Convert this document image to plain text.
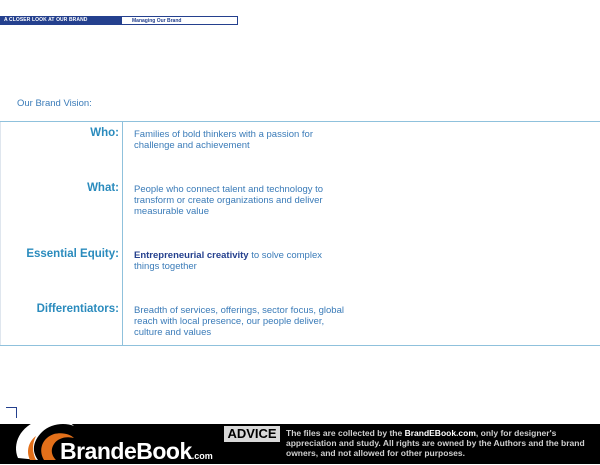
A CLOSER LOOK AT OUR BRAND	Managing Our Brand
Our Brand Vision:
Who: Families of bold thinkers with a passion for challenge and achievement
What: People who connect talent and technology to transform or create organizations and deliver measurable value
Essential Equity: Entrepreneurial creativity to solve complex things together
Differentiators: Breadth of services, offerings, sector focus, global reach with local presence, our people deliver, culture and values
BrandeBook.com
ADVICE	The files are collected by the BrandEBook.com, only for designer's appreciation and study. All rights are owned by the Authors and the brand owners, and not allowed for other purposes.
